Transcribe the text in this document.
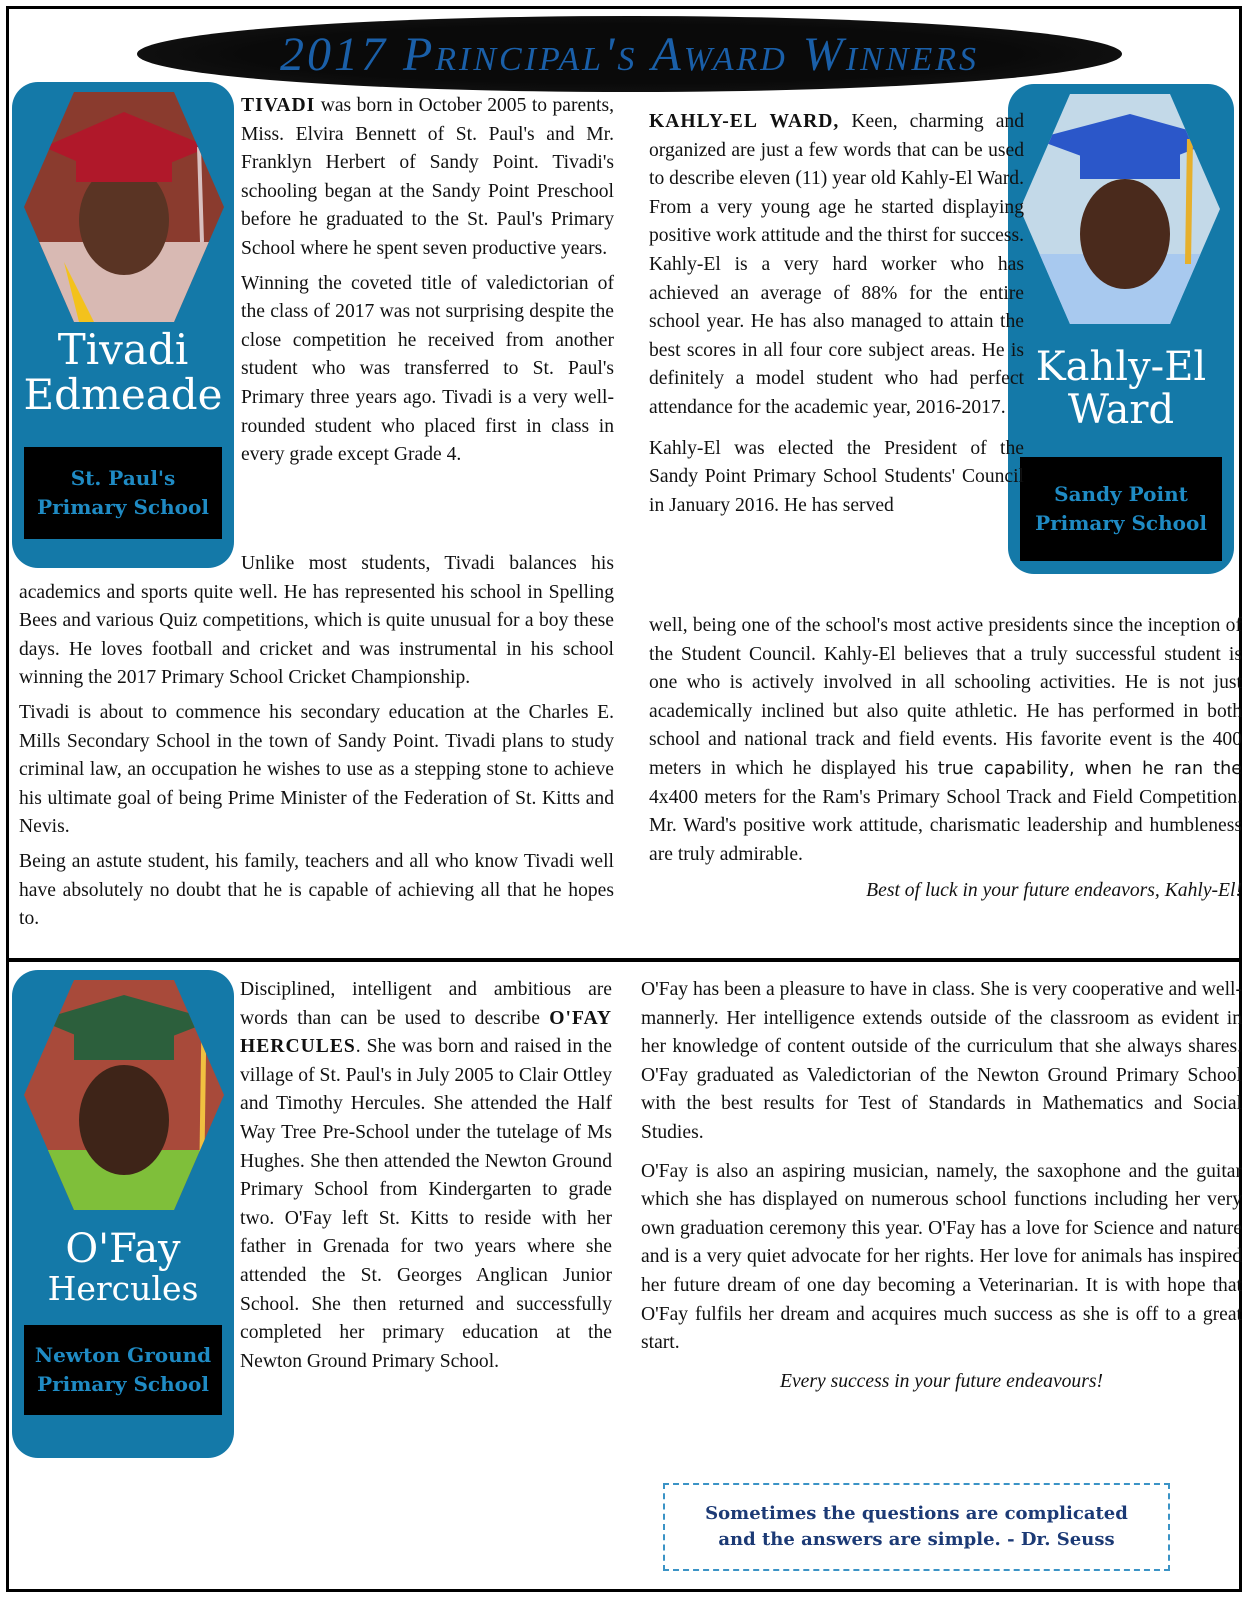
2017 Principal's Award Winners
Tivadi
Edmeade
St. Paul's
Primary School
Kahly-El
Ward
Sandy Point
Primary School
O'Fay
Hercules
Newton Ground
Primary School

TIVADI was born in October 2005 to parents, Miss. Elvira Bennett of St. Paul's and Mr. Franklyn Herbert of Sandy Point. Tivadi's schooling began at the Sandy Point Preschool before he graduated to the St. Paul's Primary School where he spent seven productive years.

Winning the coveted title of valedictorian of the class of 2017 was not surprising despite the close competition he received from another student who was transferred to St. Paul's Primary three years ago. Tivadi is a very well-rounded student who placed first in class in every grade except Grade 4.

Unlike most students, Tivadi balances his academics and sports quite well. He has represented his school in Spelling Bees and various Quiz competitions, which is quite unusual for a boy these days. He loves football and cricket and was instrumental in his school winning the 2017 Primary School Cricket Championship.

Tivadi is about to commence his secondary education at the Charles E. Mills Secondary School in the town of Sandy Point. Tivadi plans to study criminal law, an occupation he wishes to use as a stepping stone to achieve his ultimate goal of being Prime Minister of the Federation of St. Kitts and Nevis.

Being an astute student, his family, teachers and all who know Tivadi well have absolutely no doubt that he is capable of achieving all that he hopes to.

KAHLY-EL WARD, Keen, charming and organized are just a few words that can be used to describe eleven (11) year old Kahly-El Ward. From a very young age he started displaying positive work attitude and the thirst for success. Kahly-El is a very hard worker who has achieved an average of 88% for the entire school year. He has also managed to attain the best scores in all four core subject areas. He is definitely a model student who had perfect attendance for the academic year, 2016-2017.

Kahly-El was elected the President of the Sandy Point Primary School Students' Council in January 2016. He has served

well, being one of the school's most active presidents since the inception of the Student Council. Kahly-El believes that a truly successful student is one who is actively involved in all schooling activities. He is not just academically inclined but also quite athletic. He has performed in both school and national track and field events. His favorite event is the 400 meters in which he displayed his true capability, when he ran the 4x400 meters for the Ram's Primary School Track and Field Competition. Mr. Ward's positive work attitude, charismatic leadership and humbleness are truly admirable.

Best of luck in your future endeavors, Kahly-El!

Disciplined, intelligent and ambitious are words than can be used to describe O'FAY HERCULES. She was born and raised in the village of St. Paul's in July 2005 to Clair Ottley and Timothy Hercules. She attended the Half Way Tree Pre-School under the tutelage of Ms Hughes. She then attended the Newton Ground Primary School from Kindergarten to grade two. O'Fay left St. Kitts to reside with her father in Grenada for two years where she attended the St. Georges Anglican Junior School. She then returned and successfully completed her primary education at the Newton Ground Primary School.

O'Fay has been a pleasure to have in class. She is very cooperative and well-mannerly. Her intelligence extends outside of the classroom as evident in her knowledge of content outside of the curriculum that she always shares. O'Fay graduated as Valedictorian of the Newton Ground Primary School with the best results for Test of Standards in Mathematics and Social Studies.

O'Fay is also an aspiring musician, namely, the saxophone and the guitar which she has displayed on numerous school functions including her very own graduation ceremony this year. O'Fay has a love for Science and nature and is a very quiet advocate for her rights. Her love for animals has inspired her future dream of one day becoming a Veterinarian. It is with hope that O'Fay fulfils her dream and acquires much success as she is off to a great start.

Every success in your future endeavours!

Sometimes the questions are complicated
and the answers are simple. - Dr. Seuss
